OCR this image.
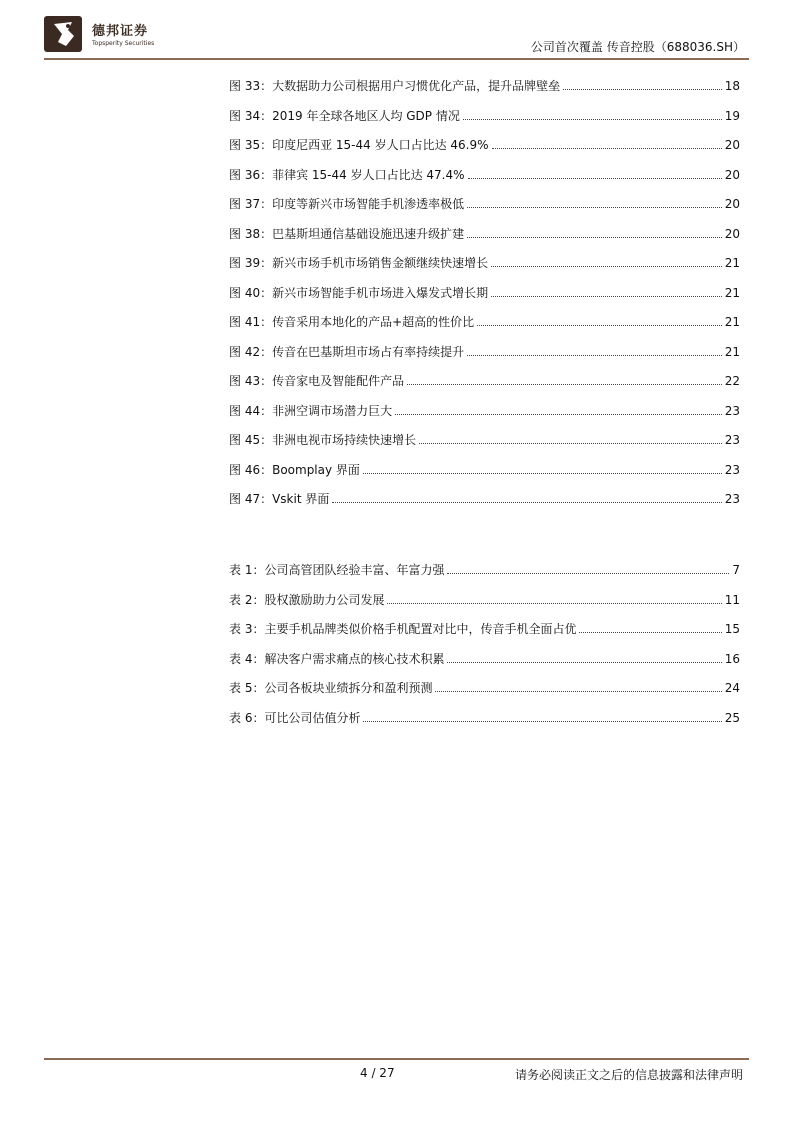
德邦证券
Topsperity Securities	公司首次覆盖 传音控股（688036.SH）
图 33：大数据助力公司根据用户习惯优化产品，提升品牌壁垒	18
图 34：2019 年全球各地区人均 GDP 情况	19
图 35：印度尼西亚 15-44 岁人口占比达 46.9%	20
图 36：菲律宾 15-44 岁人口占比达 47.4%	20
图 37：印度等新兴市场智能手机渗透率极低	20
图 38：巴基斯坦通信基础设施迅速升级扩建	20
图 39：新兴市场手机市场销售金额继续快速增长	21
图 40：新兴市场智能手机市场进入爆发式增长期	21
图 41：传音采用本地化的产品+超高的性价比	21
图 42：传音在巴基斯坦市场占有率持续提升	21
图 43：传音家电及智能配件产品	22
图 44：非洲空调市场潜力巨大	23
图 45：非洲电视市场持续快速增长	23
图 46：Boomplay 界面	23
图 47：Vskit 界面	23
表 1：公司高管团队经验丰富、年富力强	7
表 2：股权激励助力公司发展	11
表 3：主要手机品牌类似价格手机配置对比中，传音手机全面占优	15
表 4：解决客户需求痛点的核心技术积累	16
表 5：公司各板块业绩拆分和盈利预测	24
表 6：可比公司估值分析	25
4 / 27	请务必阅读正文之后的信息披露和法律声明
